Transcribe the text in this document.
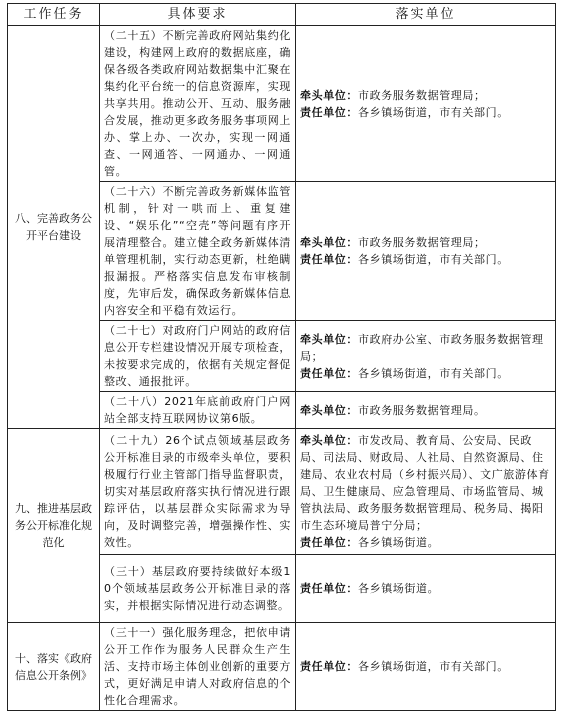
工作任务	具体要求	落实单位
八、完善政务公开平台建设	（二十五）不断完善政府网站集约化建设，构建网上政府的数据底座，确保各级各类政府网站数据集中汇聚在集约化平台统一的信息资源库，实现共享共用。推动公开、互动、服务融合发展，推动更多政务服务事项网上办、掌上办、一次办，实现一网通查、一网通答、一网通办、一网通管。	牵头单位：市政务服务数据管理局；
责任单位：各乡镇场街道，市有关部门。

	（二十六）不断完善政务新媒体监管机制，针对一哄而上、重复建设、“娱乐化”“空壳”等问题有序开展清理整合。建立健全政务新媒体清单管理机制，实行动态更新，杜绝瞒报漏报。严格落实信息发布审核制度，先审后发，确保政务新媒体信息内容安全和平稳有效运行。	牵头单位：市政务服务数据管理局；
责任单位：各乡镇场街道，市有关部门。

	（二十七）对政府门户网站的政府信息公开专栏建设情况开展专项检查，未按要求完成的，依据有关规定督促整改、通报批评。	牵头单位：市政府办公室、市政务服务数据管理局；
责任单位：各乡镇场街道，市有关部门。

	（二十八）2021年底前政府门户网站全部支持互联网协议第6版。	牵头单位：市政务服务数据管理局。

九、推进基层政务公开标准化规范化	（二十九）26个试点领域基层政务公开标准目录的市级牵头单位，要积极履行行业主管部门指导监督职责，切实对基层政府落实执行情况进行跟踪评估，以基层群众实际需求为导向，及时调整完善，增强操作性、实效性。	牵头单位：市发改局、教育局、公安局、民政局、司法局、财政局、人社局、自然资源局、住建局、农业农村局（乡村振兴局）、文广旅游体育局、卫生健康局、应急管理局、市场监管局、城管执法局、政务服务数据管理局、税务局、揭阳市生态环境局普宁分局；
责任单位：各乡镇场街道。

	（三十）基层政府要持续做好本级10个领域基层政务公开标准目录的落实，并根据实际情况进行动态调整。	责任单位：各乡镇场街道。

十、落实《政府信息公开条例》	（三十一）强化服务理念，把依申请公开工作作为服务人民群众生产生活、支持市场主体创业创新的重要方式，更好满足申请人对政府信息的个性化合理需求。	责任单位：各乡镇场街道，市有关部门。
